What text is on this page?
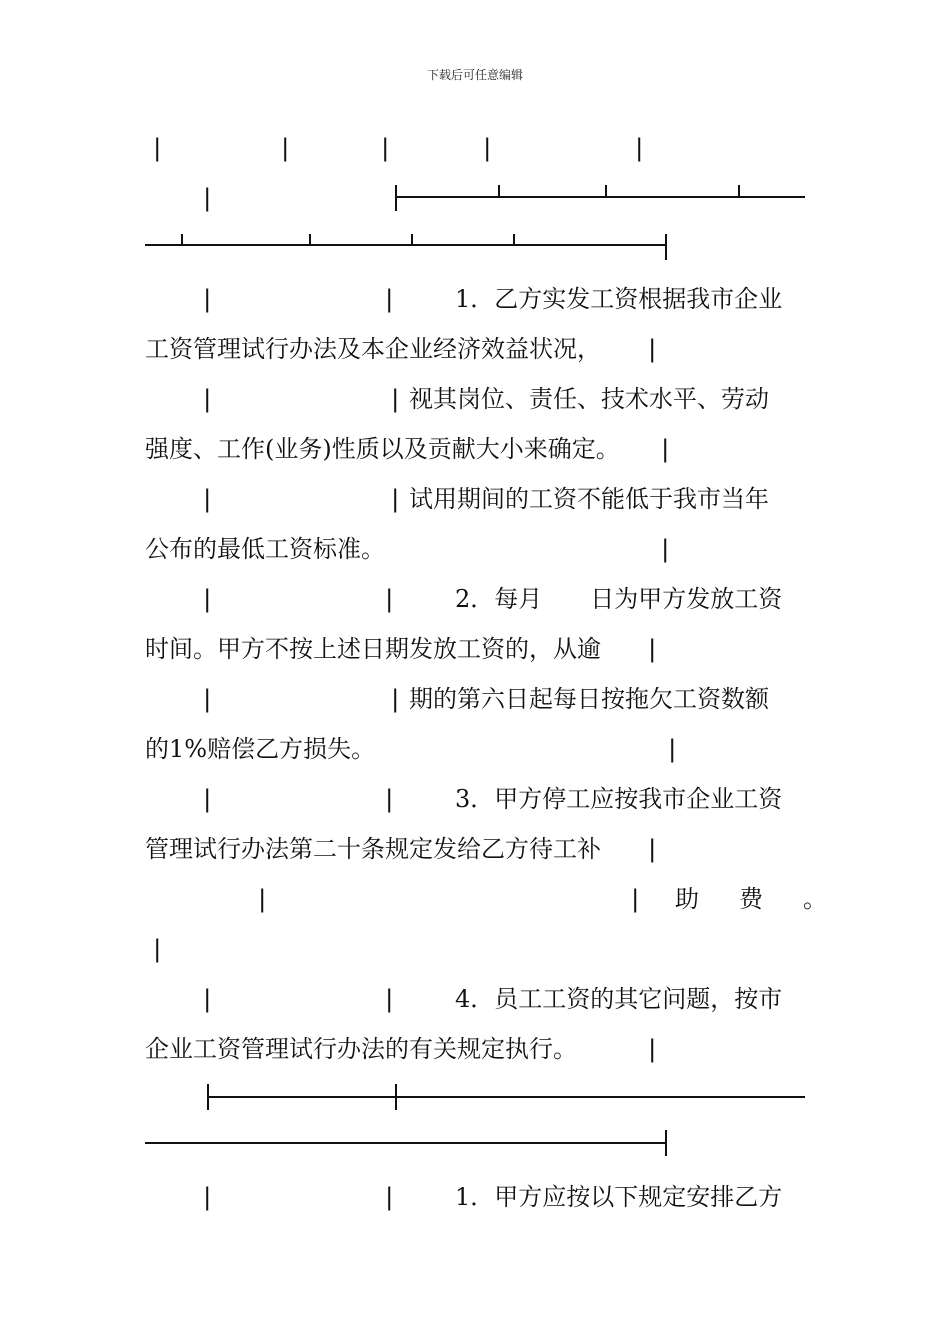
下载后可任意编辑
|	|	|	|	|
|
|	| 1．乙方实发工资根据我市企业
工资管理试行办法及本企业经济效益状况， |
|	| 视其岗位、责任、技术水平、劳动
强度、工作(业务)性质以及贡献大小来确定。 |
|	| 试用期间的工资不能低于我市当年
公布的最低工资标准。	|
|	| 2．每月　　日为甲方发放工资
时间。甲方不按上述日期发放工资的，从逾 |
|	| 期的第六日起每日按拖欠工资数额
的1%赔偿乙方损失。	|
|	| 3．甲方停工应按我市企业工资
管理试行办法第二十条规定发给乙方待工补 |
|	| 助　费　。
|
|	| 4．员工工资的其它问题，按市
企业工资管理试行办法的有关规定执行。	|
|	| 1．甲方应按以下规定安排乙方
